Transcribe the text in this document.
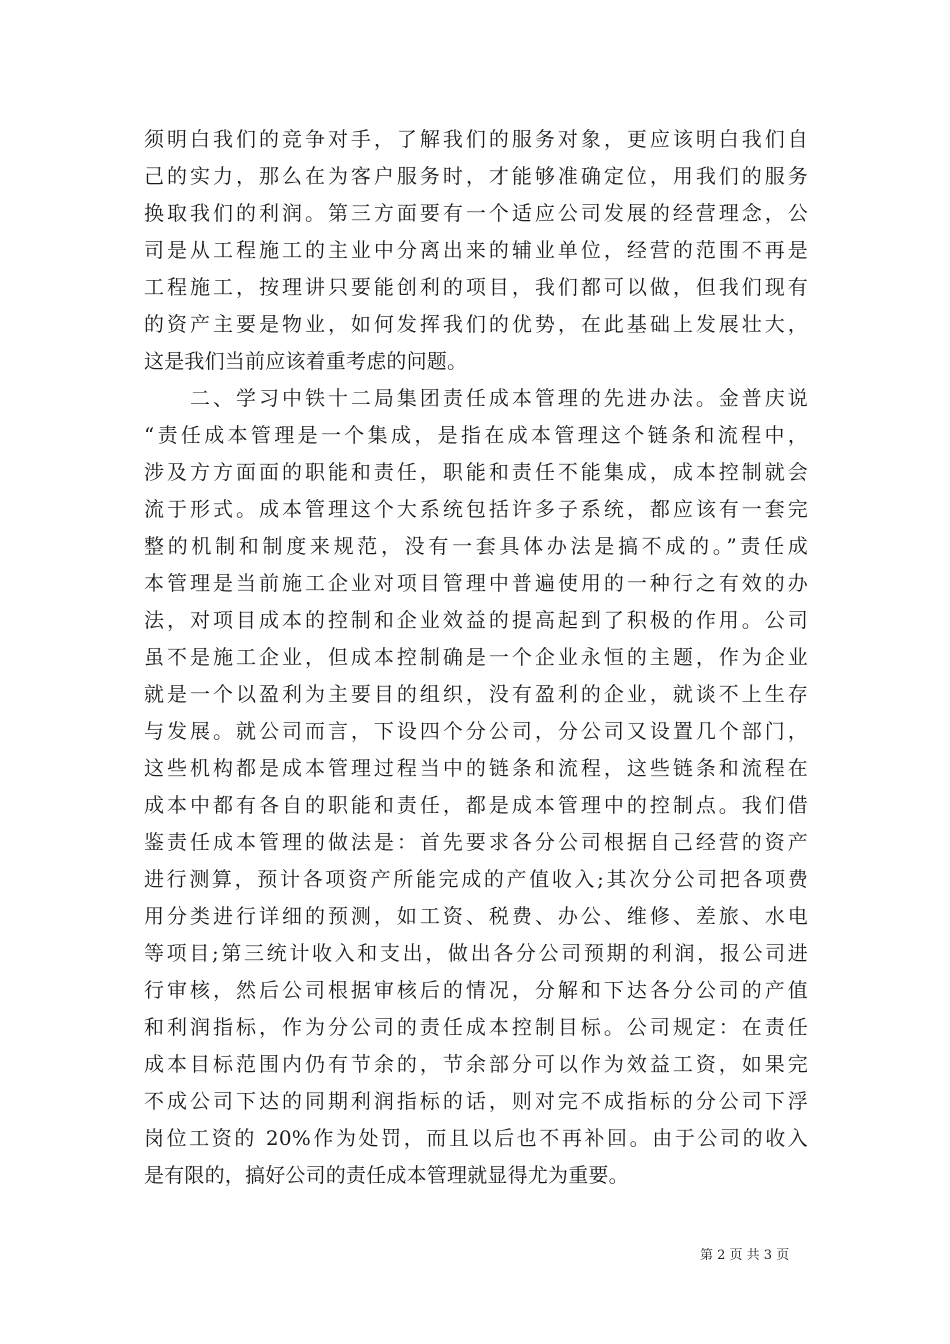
须明白我们的竞争对手，了解我们的服务对象，更应该明白我们自
己的实力，那么在为客户服务时，才能够准确定位，用我们的服务
换取我们的利润。第三方面要有一个适应公司发展的经营理念，公
司是从工程施工的主业中分离出来的辅业单位，经营的范围不再是
工程施工，按理讲只要能创利的项目，我们都可以做，但我们现有
的资产主要是物业，如何发挥我们的优势，在此基础上发展壮大，
这是我们当前应该着重考虑的问题。
　　二、学习中铁十二局集团责任成本管理的先进办法。金普庆说
“责任成本管理是一个集成，是指在成本管理这个链条和流程中，
涉及方方面面的职能和责任，职能和责任不能集成，成本控制就会
流于形式。成本管理这个大系统包括许多子系统，都应该有一套完
整的机制和制度来规范，没有一套具体办法是搞不成的。”责任成
本管理是当前施工企业对项目管理中普遍使用的一种行之有效的办
法，对项目成本的控制和企业效益的提高起到了积极的作用。公司
虽不是施工企业，但成本控制确是一个企业永恒的主题，作为企业
就是一个以盈利为主要目的组织，没有盈利的企业，就谈不上生存
与发展。就公司而言，下设四个分公司，分公司又设置几个部门，
这些机构都是成本管理过程当中的链条和流程，这些链条和流程在
成本中都有各自的职能和责任，都是成本管理中的控制点。我们借
鉴责任成本管理的做法是：首先要求各分公司根据自己经营的资产
进行测算，预计各项资产所能完成的产值收入;其次分公司把各项费
用分类进行详细的预测，如工资、税费、办公、维修、差旅、水电
等项目;第三统计收入和支出，做出各分公司预期的利润，报公司进
行审核，然后公司根据审核后的情况，分解和下达各分公司的产值
和利润指标，作为分公司的责任成本控制目标。公司规定：在责任
成本目标范围内仍有节余的，节余部分可以作为效益工资，如果完
不成公司下达的同期利润指标的话，则对完不成指标的分公司下浮
岗位工资的 20%作为处罚，而且以后也不再补回。由于公司的收入
是有限的，搞好公司的责任成本管理就显得尤为重要。
第 2 页 共 3 页
